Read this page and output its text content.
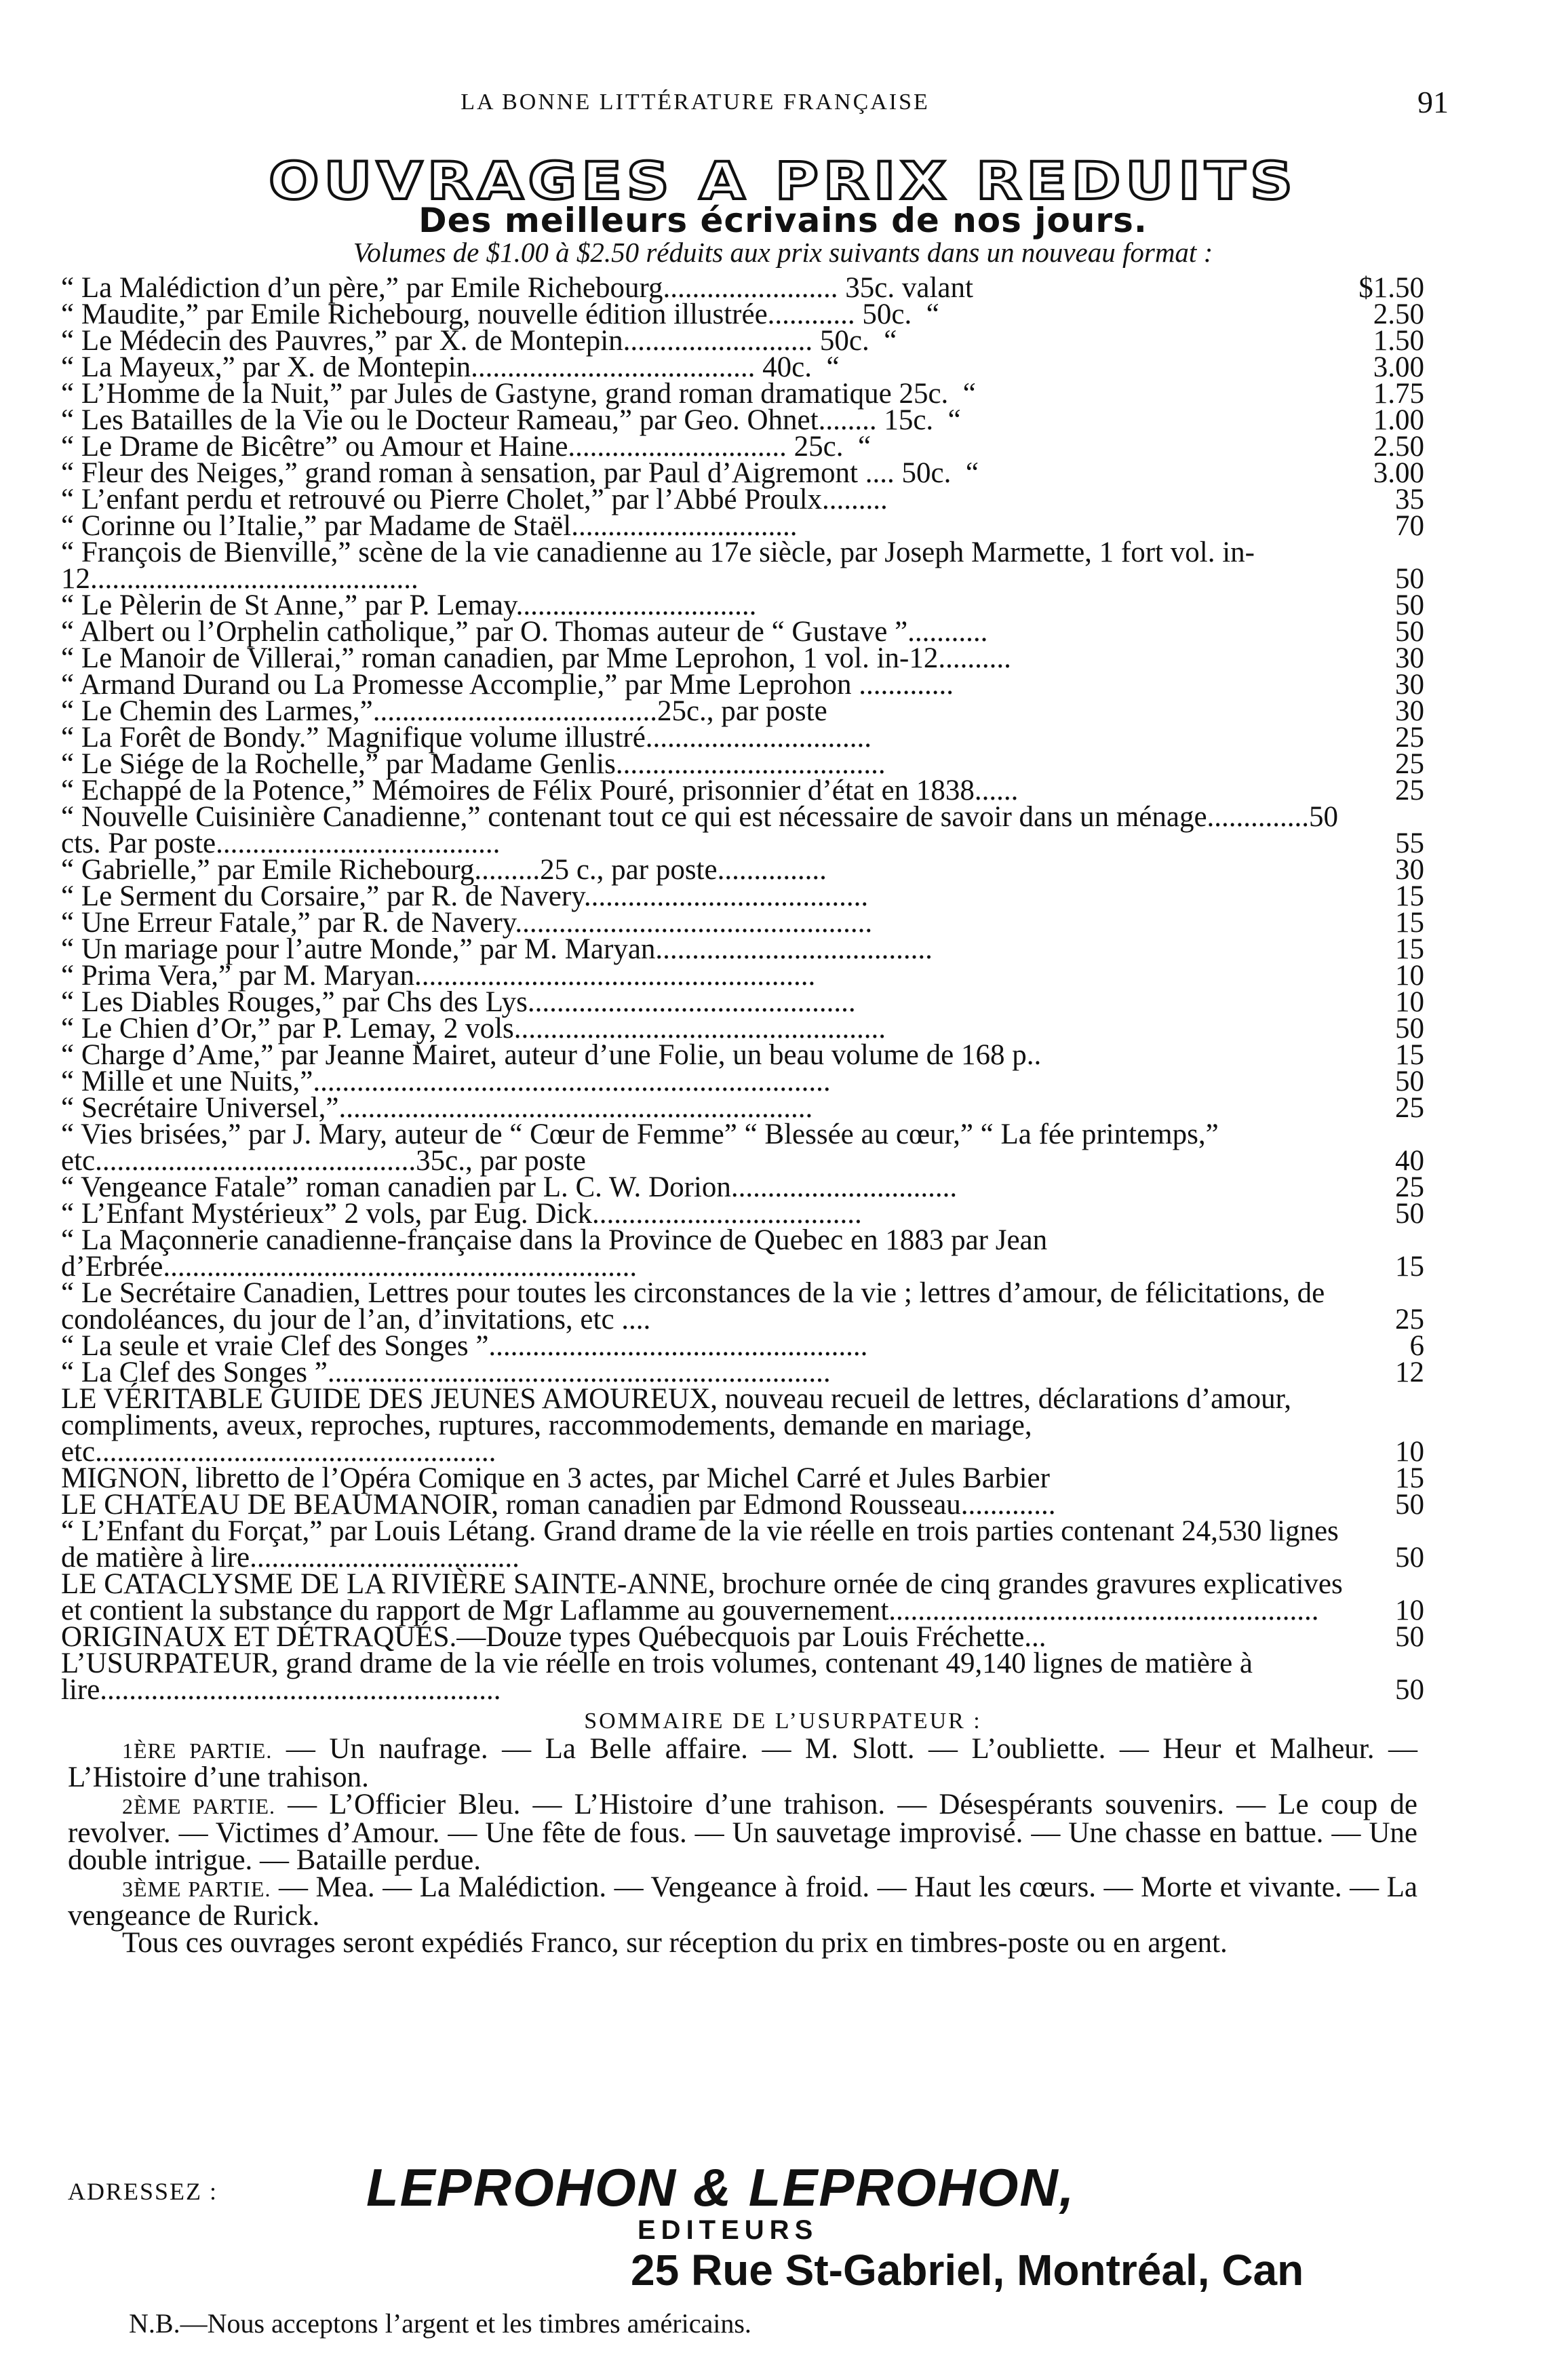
LA BONNE LITTÉRATURE FRANÇAISE	91
OUVRAGES A PRIX REDUITS
Des meilleurs écrivains de nos jours.
Volumes de $1.00 à $2.50 réduits aux prix suivants dans un nouveau format :
“ La Malédiction d’un père,” par Emile Richebourg........................ 35c. valant	$1.50
“ Maudite,” par Emile Richebourg, nouvelle édition illustrée............ 50c.  “	2.50
“ Le Médecin des Pauvres,” par X. de Montepin.......................... 50c.  “	1.50
“ La Mayeux,” par X. de Montepin....................................... 40c.  “	3.00
“ L’Homme de la Nuit,” par Jules de Gastyne, grand roman dramatique 25c.  “	1.75
“ Les Batailles de la Vie ou le Docteur Rameau,” par Geo. Ohnet........ 15c.  “	1.00
“ Le Drame de Bicêtre” ou Amour et Haine.............................. 25c.  “	2.50
“ Fleur des Neiges,” grand roman à sensation, par Paul d’Aigremont .... 50c.  “	3.00
“ L’enfant perdu et retrouvé ou Pierre Cholet,” par l’Abbé Proulx.........	35
“ Corinne ou l’Italie,” par Madame de Staël...............................	70
“ François de Bienville,” scène de la vie canadienne au 17e siècle, par Joseph Marmette, 1 fort vol. in-12.............................................	50
“ Le Pèlerin de St Anne,” par P. Lemay.................................	50
“ Albert ou l’Orphelin catholique,” par O. Thomas auteur de “ Gustave ”...........	50
“ Le Manoir de Villerai,” roman canadien, par Mme Leprohon, 1 vol. in-12..........	30
“ Armand Durand ou La Promesse Accomplie,” par Mme Leprohon .............	30
“ Le Chemin des Larmes,”.......................................25c., par poste	30
“ La Forêt de Bondy.” Magnifique volume illustré...............................	25
“ Le Siége de la Rochelle,” par Madame Genlis.....................................	25
“ Echappé de la Potence,” Mémoires de Félix Pouré, prisonnier d’état en 1838......	25
“ Nouvelle Cuisinière Canadienne,” contenant tout ce qui est nécessaire de savoir dans un ménage..............50 cts. Par poste.......................................	55
“ Gabrielle,” par Emile Richebourg.........25 c., par poste...............	30
“ Le Serment du Corsaire,” par R. de Navery.......................................	15
“ Une Erreur Fatale,” par R. de Navery.................................................	15
“ Un mariage pour l’autre Monde,” par M. Maryan......................................	15
“ Prima Vera,” par M. Maryan.......................................................	10
“ Les Diables Rouges,” par Chs des Lys.............................................	10
“ Le Chien d’Or,” par P. Lemay, 2 vols...................................................	50
“ Charge d’Ame,” par Jeanne Mairet, auteur d’une Folie, un beau volume de 168 p..	15
“ Mille et une Nuits,”.......................................................................	50
“ Secrétaire Universel,”.................................................................	25
“ Vies brisées,” par J. Mary, auteur de “ Cœur de Femme” “ Blessée au cœur,” “ La fée printemps,” etc............................................35c., par poste	40
“ Vengeance Fatale” roman canadien par L. C. W. Dorion...............................	25
“ L’Enfant Mystérieux” 2 vols, par Eug. Dick.....................................	50
“ La Maçonnerie canadienne-française dans la Province de Quebec en 1883 par Jean d’Erbrée.................................................................	15
“ Le Secrétaire Canadien, Lettres pour toutes les circonstances de la vie ; lettres d’amour, de félicitations, de condoléances, du jour de l’an, d’invitations, etc ....	25
“ La seule et vraie Clef des Songes ”....................................................	6
“ La Clef des Songes ”.....................................................................	12
LE VÉRITABLE GUIDE DES JEUNES AMOUREUX, nouveau recueil de lettres, déclarations d’amour, compliments, aveux, reproches, ruptures, raccommodements, demande en mariage, etc.......................................................	10
MIGNON, libretto de l’Opéra Comique en 3 actes, par Michel Carré et Jules Barbier	15
LE CHATEAU DE BEAUMANOIR, roman canadien par Edmond Rousseau.............	50
“ L’Enfant du Forçat,” par Louis Létang. Grand drame de la vie réelle en trois parties contenant 24,530 lignes de matière à lire.....................................	50
LE CATACLYSME DE LA RIVIÈRE SAINTE-ANNE, brochure ornée de cinq grandes gravures explicatives et contient la substance du rapport de Mgr Laflamme au gouvernement...........................................................	10
ORIGINAUX ET DÉTRAQUÉS.—Douze types Québecquois par Louis Fréchette...	50
L’USURPATEUR, grand drame de la vie réelle en trois volumes, contenant 49,140 lignes de matière à lire.......................................................	50
SOMMAIRE DE L’USURPATEUR :
1ÈRE PARTIE. — Un naufrage. — La Belle affaire. — M. Slott. — L’oubliette. — Heur et Malheur. — L’Histoire d’une trahison.
2ÈME PARTIE. — L’Officier Bleu. — L’Histoire d’une trahison. — Désespérants souvenirs. — Le coup de revolver. — Victimes d’Amour. — Une fête de fous. — Un sauvetage improvisé. — Une chasse en battue. — Une double intrigue. — Bataille perdue.
3ÈME PARTIE. — Mea. — La Malédiction. — Vengeance à froid. — Haut les cœurs. — Morte et vivante. — La vengeance de Rurick.
Tous ces ouvrages seront expédiés Franco, sur réception du prix en timbres-poste ou en argent.
ADRESSEZ :	LEPROHON & LEPROHON,
EDITEURS
25 Rue St-Gabriel, Montréal, Can
N.B.—Nous acceptons l’argent et les timbres américains.
